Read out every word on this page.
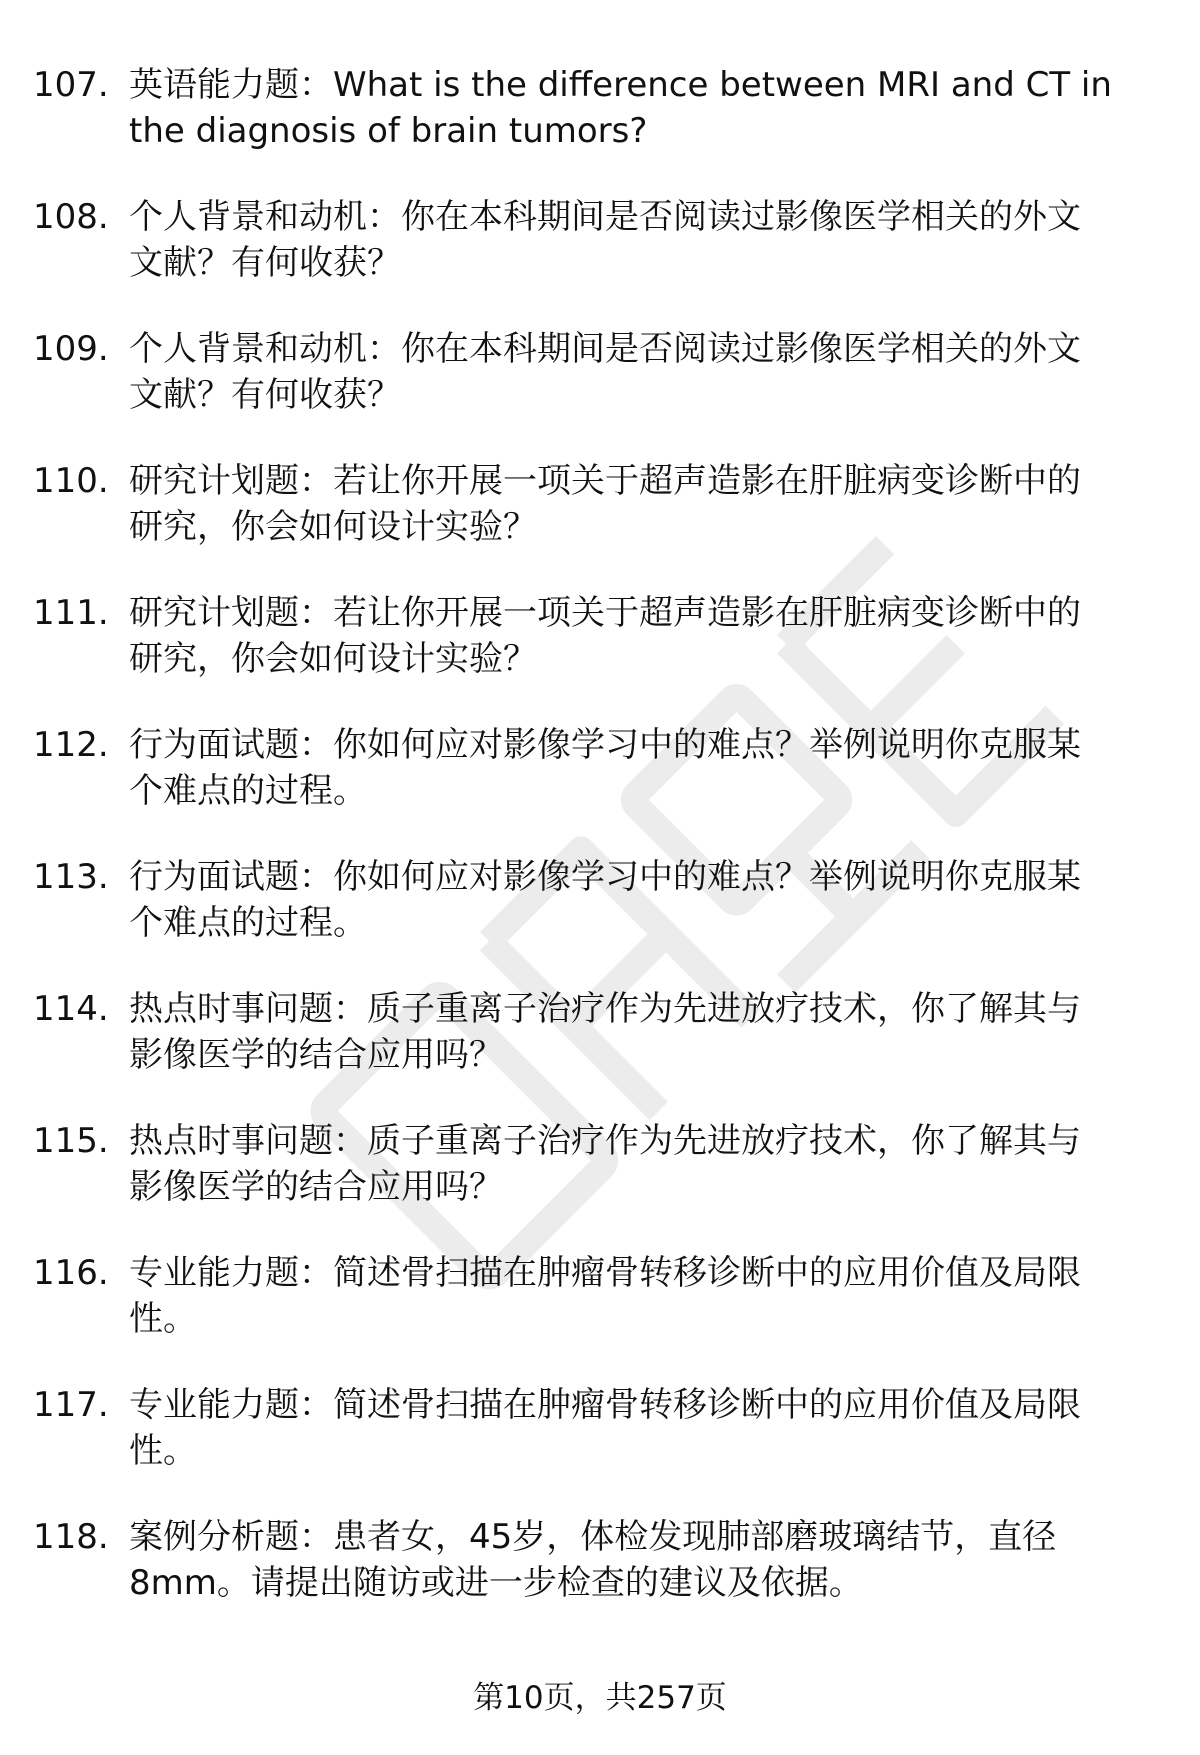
107. 英语能力题：What is the difference between MRI and CT in
the diagnosis of brain tumors?
108. 个人背景和动机：你在本科期间是否阅读过影像医学相关的外文
文献？有何收获？
109. 个人背景和动机：你在本科期间是否阅读过影像医学相关的外文
文献？有何收获？
110. 研究计划题：若让你开展一项关于超声造影在肝脏病变诊断中的
研究，你会如何设计实验？
111. 研究计划题：若让你开展一项关于超声造影在肝脏病变诊断中的
研究，你会如何设计实验？
112. 行为面试题：你如何应对影像学习中的难点？举例说明你克服某
个难点的过程。
113. 行为面试题：你如何应对影像学习中的难点？举例说明你克服某
个难点的过程。
114. 热点时事问题：质子重离子治疗作为先进放疗技术，你了解其与
影像医学的结合应用吗？
115. 热点时事问题：质子重离子治疗作为先进放疗技术，你了解其与
影像医学的结合应用吗？
116. 专业能力题：简述骨扫描在肿瘤骨转移诊断中的应用价值及局限
性。
117. 专业能力题：简述骨扫描在肿瘤骨转移诊断中的应用价值及局限
性。
118. 案例分析题：患者女，45岁，体检发现肺部磨玻璃结节，直径
8mm。请提出随访或进一步检查的建议及依据。
第10页，共257页
